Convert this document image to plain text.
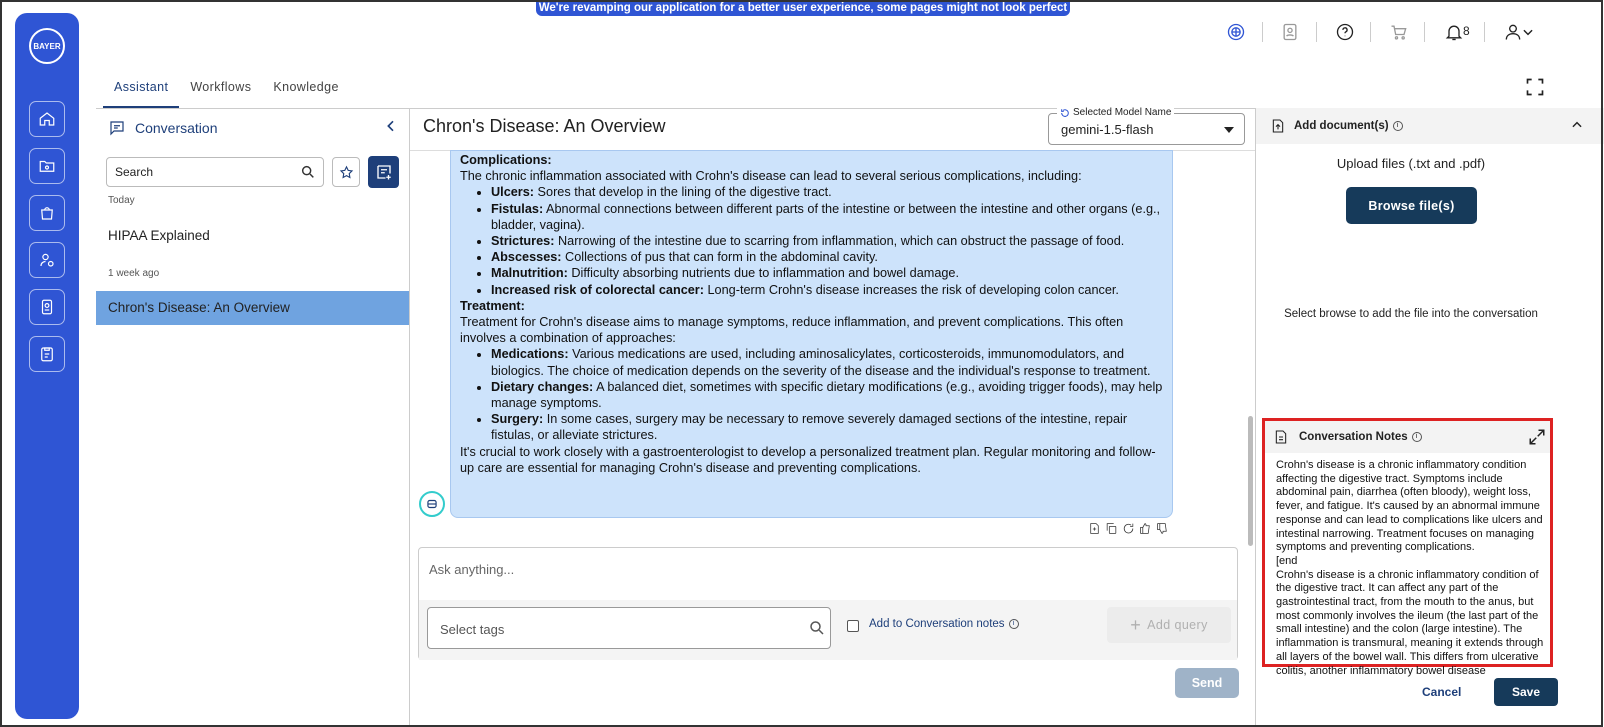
We're revamping our application for a better user experience, some pages might not look perfect yet!
BAYER
8
Assistant	Workflows	Knowledge
Conversation
Search
Today
HIPAA Explained
1 week ago
Chron's Disease: An Overview
Chron's Disease: An Overview
Selected Model Name
gemini-1.5-flash
Complications:
The chronic inflammation associated with Crohn's disease can lead to several serious complications, including:
• Ulcers: Sores that develop in the lining of the digestive tract.
• Fistulas: Abnormal connections between different parts of the intestine or between the intestine and other organs (e.g., bladder, vagina).
• Strictures: Narrowing of the intestine due to scarring from inflammation, which can obstruct the passage of food.
• Abscesses: Collections of pus that can form in the abdominal cavity.
• Malnutrition: Difficulty absorbing nutrients due to inflammation and bowel damage.
• Increased risk of colorectal cancer: Long-term Crohn's disease increases the risk of developing colon cancer.
Treatment:
Treatment for Crohn's disease aims to manage symptoms, reduce inflammation, and prevent complications. This often involves a combination of approaches:
• Medications: Various medications are used, including aminosalicylates, corticosteroids, immunomodulators, and biologics. The choice of medication depends on the severity of the disease and the individual's response to treatment.
• Dietary changes: A balanced diet, sometimes with specific dietary modifications (e.g., avoiding trigger foods), may help manage symptoms.
• Surgery: In some cases, surgery may be necessary to remove severely damaged sections of the intestine, repair fistulas, or alleviate strictures.
It's crucial to work closely with a gastroenterologist to develop a personalized treatment plan. Regular monitoring and follow-up care are essential for managing Crohn's disease and preventing complications.
Ask anything...
Select tags
Add to Conversation notes	i	+ Add query
Send
Add document(s)	i
Upload files (.txt and .pdf)
Browse file(s)
Select browse to add the file into the conversation
Conversation Notes	i
Crohn's disease is a chronic inflammatory condition affecting the digestive tract. Symptoms include abdominal pain, diarrhea (often bloody), weight loss, fever, and fatigue. It's caused by an abnormal immune response and can lead to complications like ulcers and intestinal narrowing. Treatment focuses on managing symptoms and preventing complications.
[end
Crohn's disease is a chronic inflammatory condition of the digestive tract. It can affect any part of the gastrointestinal tract, from the mouth to the anus, but most commonly involves the ileum (the last part of the small intestine) and the colon (large intestine). The inflammation is transmural, meaning it extends through all layers of the bowel wall. This differs from ulcerative colitis, another inflammatory bowel disease
Cancel	Save
